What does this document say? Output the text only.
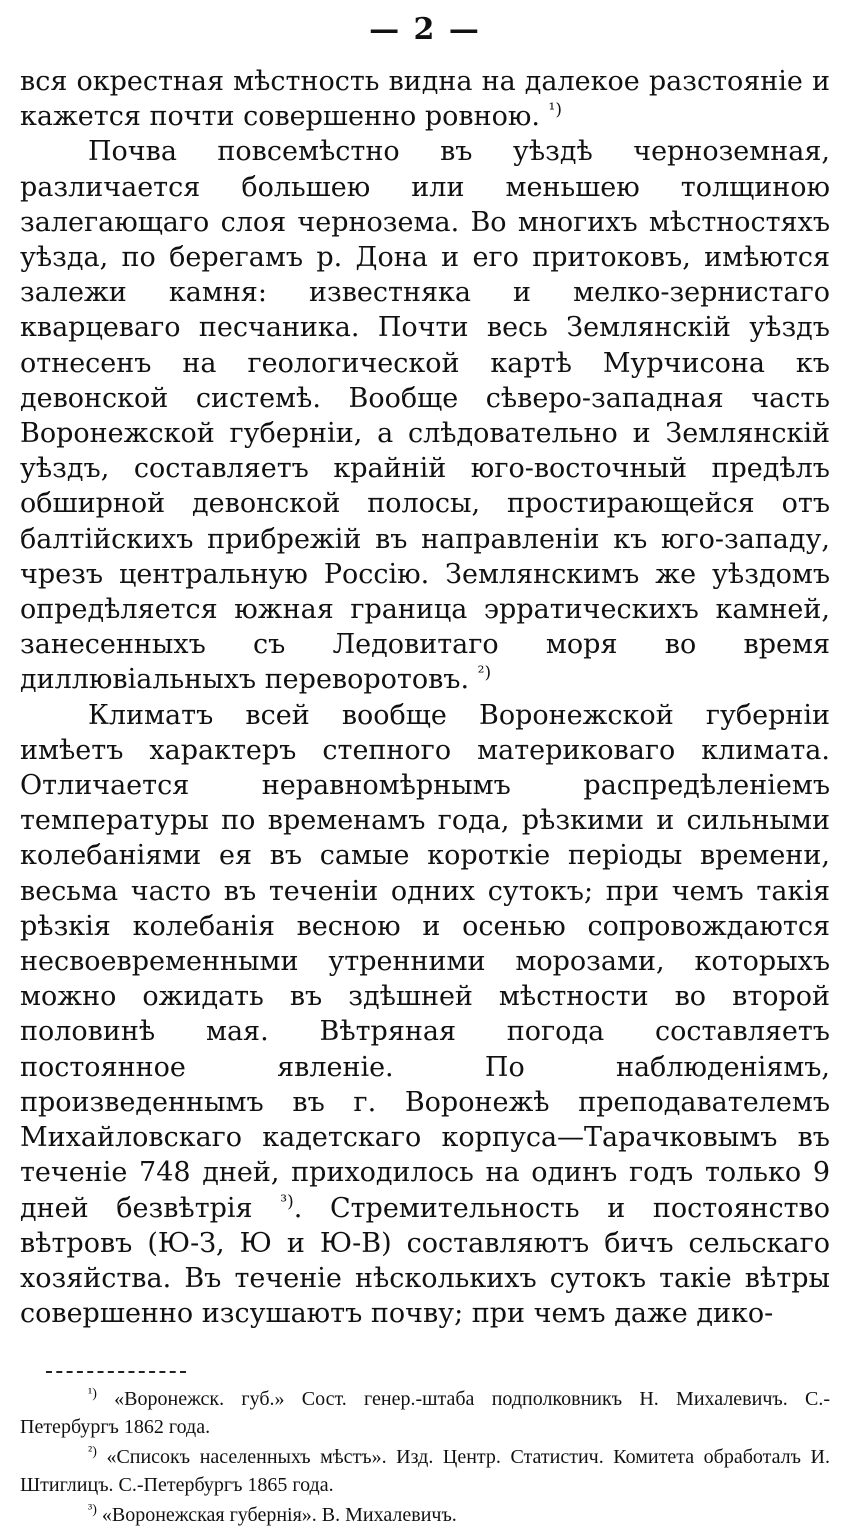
— 2 —

вся окрестная мѣстность видна на далекое разстояніе и кажется почти совершенно ровною. $^{^1)}$

Почва повсемѣстно въ уѣздѣ черноземная, различается большею или меньшею толщиною залегающаго слоя чернозема. Во многихъ мѣстностяхъ уѣзда, по берегамъ р. Дона и его притоковъ, имѣются залежи камня: известняка и мелко-зернистаго кварцеваго песчаника. Почти весь Землянскій уѣздъ отнесенъ на геологической картѣ Мурчисона къ девонской системѣ. Вообще сѣверо-западная часть Воронежской губерніи, а слѣдовательно и Землянскій уѣздъ, составляетъ крайній юго-восточный предѣлъ обширной девонской полосы, простирающейся отъ балтійскихъ прибрежій въ направленіи къ юго-западу, чрезъ центральную Россію. Землянскимъ же уѣздомъ опредѣляется южная граница эрратическихъ камней, занесенныхъ съ Ледовитаго моря во время диллювіальныхъ переворотовъ. $^{^2)}$

Климатъ всей вообще Воронежской губерніи имѣетъ характеръ степного материковаго климата. Отличается неравномѣрнымъ распредѣленіемъ температуры по временамъ года, рѣзкими и сильными колебаніями ея въ самые короткіе періоды времени, весьма часто въ теченіи одних сутокъ; при чемъ такія рѣзкія колебанія весною и осенью сопровождаются несвоевременными утренними морозами, которыхъ можно ожидать въ здѣшней мѣстности во второй половинѣ мая. Вѣтряная погода составляетъ постоянное явленіе. По наблюденіямъ, произведеннымъ въ г. Воронежѣ преподавателемъ Михайловскаго кадетскаго корпуса—Тарачковымъ въ теченіе 748 дней, приходилось на одинъ годъ только 9 дней безвѣтрія $^{^3)}$. Стремительность и постоянство вѣтровъ (Ю-З, Ю и Ю-В) составляютъ бичъ сельскаго хозяйства. Въ теченіе нѣсколькихъ сутокъ такіе вѣтры совершенно изсушаютъ почву; при чемъ даже дико-

$^{^1)}$ «Воронежск. губ.» Сост. генер.-штаба подполковникъ Н. Михалевичъ. С.-Петербургъ 1862 года.

$^{^2)}$ «Списокъ населенныхъ мѣстъ». Изд. Центр. Статистич. Комитета обработалъ И. Штиглицъ. С.-Петербургъ 1865 года.

$^{^3)}$ «Воронежская губернія». В. Михалевичъ.
